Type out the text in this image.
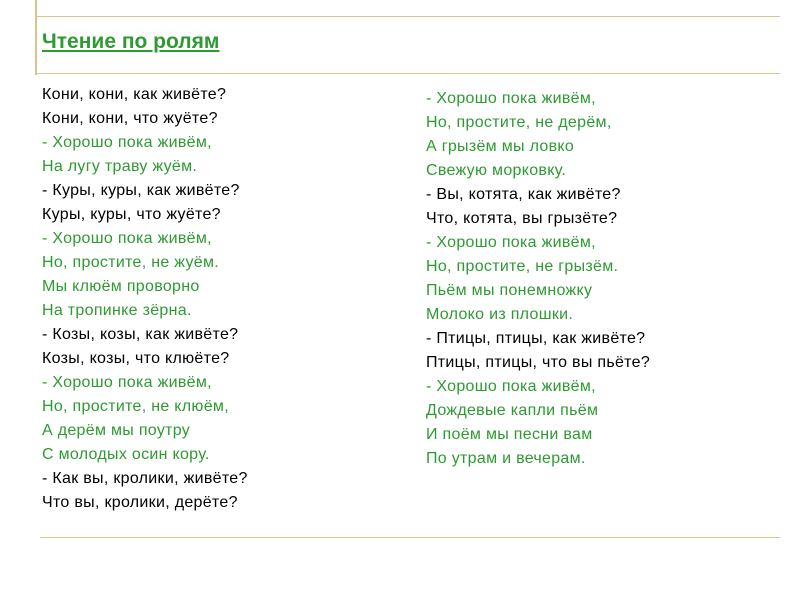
Чтение по ролям
Кони, кони, как живёте?
Кони, кони, что жуёте?
- Хорошо пока живём,
На лугу траву жуём.
- Куры, куры, как живёте?
Куры, куры, что жуёте?
- Хорошо пока живём,
Но, простите, не жуём.
Мы клюём проворно
На тропинке зёрна.
- Козы, козы, как живёте?
Козы, козы, что клюёте?
- Хорошо пока живём,
Но, простите, не клюём,
А дерём мы поутру
С молодых осин кору.
- Как вы, кролики, живёте?
Что вы, кролики, дерёте?
- Хорошо пока живём,
Но, простите, не дерём,
А грызём мы ловко
Свежую морковку.
- Вы, котята, как живёте?
Что, котята, вы грызёте?
- Хорошо пока живём,
Но, простите, не грызём.
Пьём мы понемножку
Молоко из плошки.
- Птицы, птицы, как живёте?
Птицы, птицы, что вы пьёте?
- Хорошо пока живём,
Дождевые капли пьём
И поём мы песни вам
По утрам и вечерам.
